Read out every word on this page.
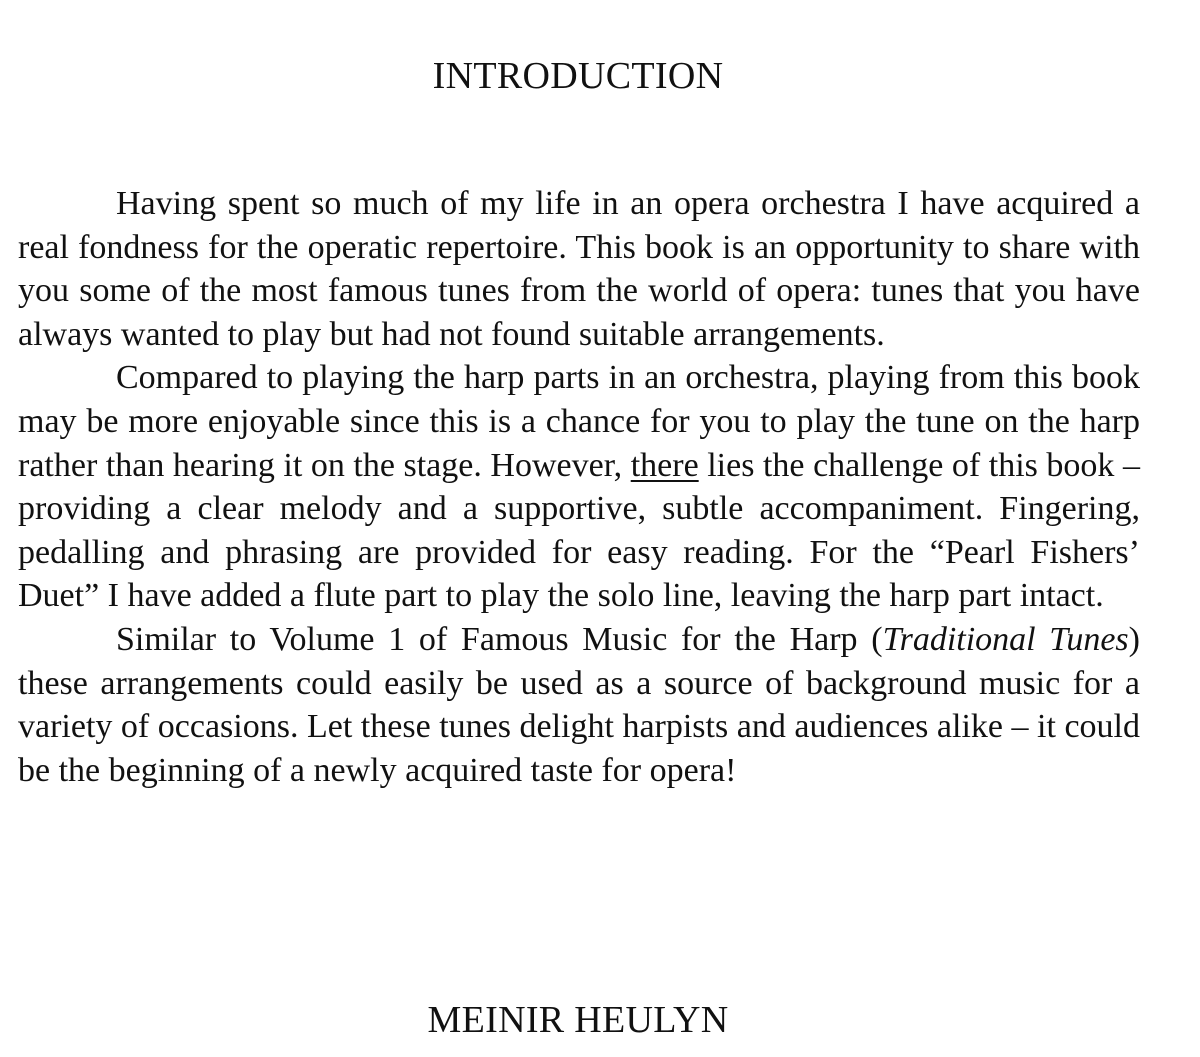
INTRODUCTION

Having spent so much of my life in an opera orchestra I have acquired a real fondness for the operatic repertoire. This book is an opportunity to share with you some of the most famous tunes from the world of opera: tunes that you have always wanted to play but had not found suitable arrangements.

Compared to playing the harp parts in an orchestra, playing from this book may be more enjoyable since this is a chance for you to play the tune on the harp rather than hearing it on the stage. However, there lies the challenge of this book – providing a clear melody and a supportive, subtle accompaniment. Fingering, pedalling and phrasing are provided for easy reading. For the “Pearl Fishers’ Duet” I have added a flute part to play the solo line, leaving the harp part intact.

Similar to Volume 1 of Famous Music for the Harp (Traditional Tunes) these arrangements could easily be used as a source of background music for a variety of occasions. Let these tunes delight harpists and audiences alike – it could be the beginning of a newly acquired taste for opera!

MEINIR HEULYN
